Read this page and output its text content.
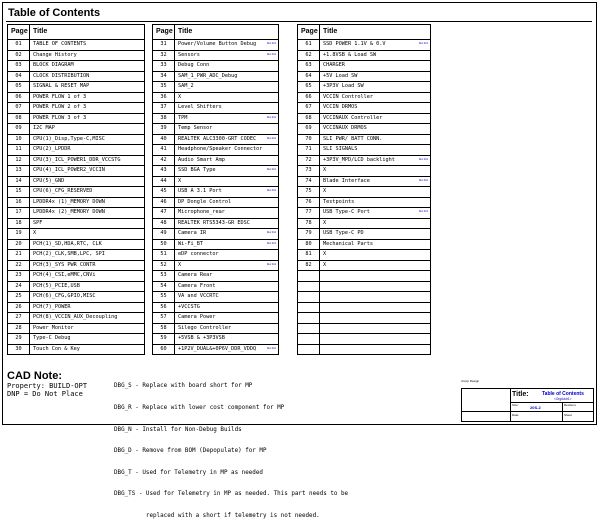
Table of Contents
Page	Title
01	TABLE OF CONTENTS
02	Change History
03	BLOCK DIAGRAM
04	CLOCK DISTRIBUTION
05	SIGNAL & RESET MAP
06	POWER FLOW 1 of 3
07	POWER FLOW 2 of 3
08	POWER FLOW 3 of 3
09	I2C MAP
10	CPU(1)_Disp,Type-C,MISC
11	CPU(2)_LPDDR
12	CPU(3)_ICL_POWER1_DDR_VCCSTG
13	CPU(4)_ICL_POWER2_VCCIN
14	CPU(5)_GND
15	CPU(6)_CFG_RESERVED
16	LPDDR4x (1)_MEMORY DOWN
17	LPDDR4x (2)_MEMORY DOWN
18	SPF
19	X
20	PCH(1)_SD,HDA,RTC, CLK
21	PCH(2)_CLK,SMB,LPC, SPI
22	PCH(3)_SYS PWR CONTR
23	PCH(4)_CSI,eMMC,CNVi
24	PCH(5)_PCIE,USB
25	PCH(6)_CFG,GPIO,MISC
26	PCH(7)_POWER
27	PCH(8)_VCCIN_AUX_Decoupling
28	Power Monitor
29	Type-C Debug
30	Touch Con & Key
Page	Title
31	Power/Volume Button Debug Rev 0A1

32	Sensors Rev 0A1

33	Debug Conn
34	SAM_1_PWR_ADC_Debug
35	SAM_2
36	X
37	Level Shifters
38	TPM Rev 0A1

39	Temp Sensor
40	REALTEK ALC3300-GRT CODEC Rev 0A1

41	Headphone/Speaker Connector
42	Audio Smart Amp
43	SSD BGA Type Rev 0A1

44	X
45	USB A 3.1 Port Rev 0A1

46	DP Dongle Control
47	Microphone_rear
48	REALTEK RTS5343-GR EDSC
49	Camera IR Rev 0A1

50	Wi-Fi_BT Rev 0A1

51	eDP connector
52	X Rev 0A1

53	Camera Rear
54	Camera Front
55	VA and VCCRTC
56	+VCCSTG
57	Camera Power
58	Silego Controller
59	+5VSB & +3P3VSB
60	+1P2V_DUAL&+0P6V_DDR_VDDQ Rev 0A1
Page	Title
61	SSD POWER 1.1V & 0.V Rev 0A1

62	+1.8VSB & Load SW
63	CHARGER
64	+5V Load SW
65	+3P3V Load SW
66	VCCIN Controller
67	VCCIN DRMOS
68	VCCINAUX Controller
69	VCCINAUX DRMOS
70	SLI PWR/ BATT CONN.
71	SLI SIGNALS
72	+3P3V_MPD/LCD backlight Rev 0A1

73	X
74	Blade Interface Rev 0A1

75	X
76	Testpoints
77	USB Type-C Port Rev 0A1

78	X
79	USB Type-C PD
80	Mechanical Parts
81	X
82	X

CAD Note:
Property: BUILD-OPT
DNP = Do Not Place

DBG_S - Replace with board short for MP

DBG_R - Replace with lower cost component for MP

DBG_N - Install for Non-Debug Builds

DBG_D - Remove from BOM (Depopulate) for MP

DBG_T - Used for Telemetry in MP as needed

DBG_TS - Used for Telemetry in MP as needed. This part needs to be

replaced with a short if telemetry is not needed.

xCorp Design
Title:	Table of Contents
<OrgAddr1>
Size:	Revision:
20S-2
Date:	Sheet
